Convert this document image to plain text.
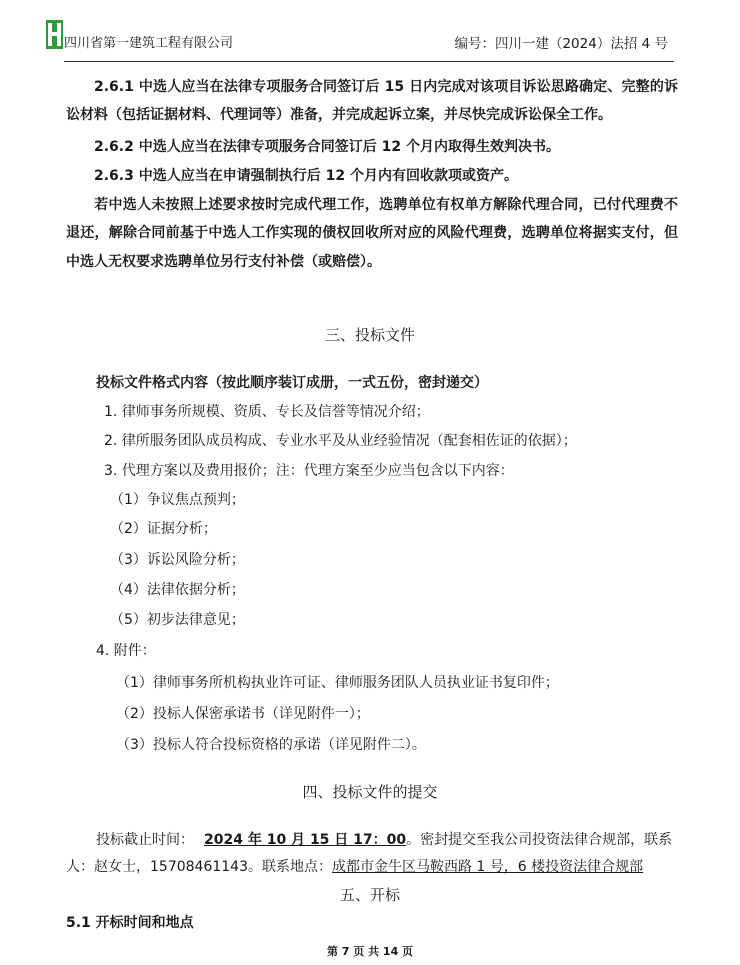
四川省第一建筑工程有限公司	编号：四川一建（2024）法招 4 号
2.6.1 中选人应当在法律专项服务合同签订后 15 日内完成对该项目诉讼思路确定、完整的诉讼材料（包括证据材料、代理词等）准备，并完成起诉立案，并尽快完成诉讼保全工作。
2.6.2 中选人应当在法律专项服务合同签订后 12 个月内取得生效判决书。
2.6.3 中选人应当在申请强制执行后 12 个月内有回收款项或资产。
若中选人未按照上述要求按时完成代理工作，选聘单位有权单方解除代理合同，已付代理费不退还，解除合同前基于中选人工作实现的债权回收所对应的风险代理费，选聘单位将据实支付，但中选人无权要求选聘单位另行支付补偿（或赔偿）。
三、投标文件
投标文件格式内容（按此顺序装订成册，一式五份，密封递交）
1. 律师事务所规模、资质、专长及信誉等情况介绍；
2. 律所服务团队成员构成、专业水平及从业经验情况（配套相佐证的依据）；
3. 代理方案以及费用报价；注：代理方案至少应当包含以下内容：
（1）争议焦点预判；
（2）证据分析；
（3）诉讼风险分析；
（4）法律依据分析；
（5）初步法律意见；
4. 附件：
（1）律师事务所机构执业许可证、律师服务团队人员执业证书复印件；
（2）投标人保密承诺书（详见附件一）；
（3）投标人符合投标资格的承诺（详见附件二）。
四、投标文件的提交
投标截止时间： 2024 年 10 月 15 日 17：00。密封提交至我公司投资法律合规部，联系
人：赵女士，15708461143。联系地点：成都市金牛区马鞍西路 1 号，6 楼投资法律合规部
五、开标
5.1 开标时间和地点
第 7 页 共 14 页
